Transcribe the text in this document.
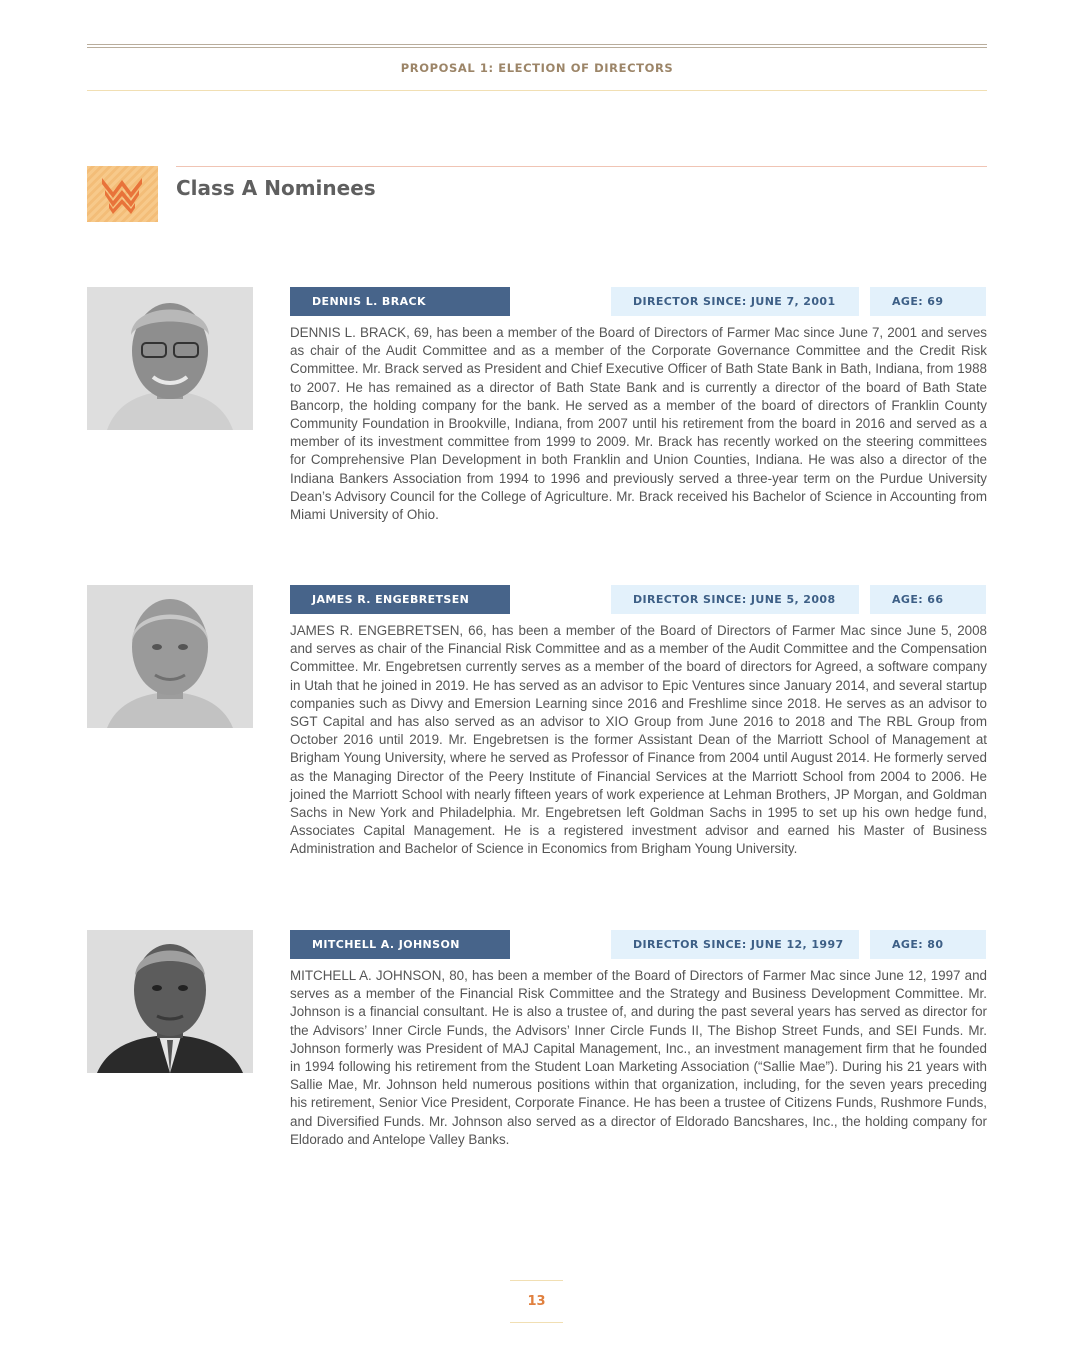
PROPOSAL 1: ELECTION OF DIRECTORS
Class A Nominees
DENNIS L. BRACK	DIRECTOR SINCE: JUNE 7, 2001	AGE: 69

DENNIS L. BRACK, 69, has been a member of the Board of Directors of Farmer Mac since June 7, 2001 and serves as chair of the Audit Committee and as a member of the Corporate Governance Committee and the Credit Risk Committee. Mr. Brack served as President and Chief Executive Officer of Bath State Bank in Bath, Indiana, from 1988 to 2007. He has remained as a director of Bath State Bank and is currently a director of the board of Bath State Bancorp, the holding company for the bank. He served as a member of the board of directors of Franklin County Community Foundation in Brookville, Indiana, from 2007 until his retirement from the board in 2016 and served as a member of its investment committee from 1999 to 2009. Mr. Brack has recently worked on the steering committees for Comprehensive Plan Development in both Franklin and Union Counties, Indiana. He was also a director of the Indiana Bankers Association from 1994 to 1996 and previously served a three-year term on the Purdue University Dean’s Advisory Council for the College of Agriculture. Mr. Brack received his Bachelor of Science in Accounting from Miami University of Ohio.

JAMES R. ENGEBRETSEN	DIRECTOR SINCE: JUNE 5, 2008	AGE: 66

JAMES R. ENGEBRETSEN, 66, has been a member of the Board of Directors of Farmer Mac since June 5, 2008 and serves as chair of the Financial Risk Committee and as a member of the Audit Committee and the Compensation Committee. Mr. Engebretsen currently serves as a member of the board of directors for Agreed, a software company in Utah that he joined in 2019. He has served as an advisor to Epic Ventures since January 2014, and several startup companies such as Divvy and Emersion Learning since 2016 and Freshlime since 2018. He serves as an advisor to SGT Capital and has also served as an advisor to XIO Group from June 2016 to 2018 and The RBL Group from October 2016 until 2019. Mr. Engebretsen is the former Assistant Dean of the Marriott School of Management at Brigham Young University, where he served as Professor of Finance from 2004 until August 2014. He formerly served as the Managing Director of the Peery Institute of Financial Services at the Marriott School from 2004 to 2006. He joined the Marriott School with nearly fifteen years of work experience at Lehman Brothers, JP Morgan, and Goldman Sachs in New York and Philadelphia. Mr. Engebretsen left Goldman Sachs in 1995 to set up his own hedge fund, Associates Capital Management. He is a registered investment advisor and earned his Master of Business Administration and Bachelor of Science in Economics from Brigham Young University.

MITCHELL A. JOHNSON	DIRECTOR SINCE: JUNE 12, 1997	AGE: 80

MITCHELL A. JOHNSON, 80, has been a member of the Board of Directors of Farmer Mac since June 12, 1997 and serves as a member of the Financial Risk Committee and the Strategy and Business Development Committee. Mr. Johnson is a financial consultant. He is also a trustee of, and during the past several years has served as director for the Advisors’ Inner Circle Funds, the Advisors’ Inner Circle Funds II, The Bishop Street Funds, and SEI Funds. Mr. Johnson formerly was President of MAJ Capital Management, Inc., an investment management firm that he founded in 1994 following his retirement from the Student Loan Marketing Association (“Sallie Mae”). During his 21 years with Sallie Mae, Mr. Johnson held numerous positions within that organization, including, for the seven years preceding his retirement, Senior Vice President, Corporate Finance. He has been a trustee of Citizens Funds, Rushmore Funds, and Diversified Funds. Mr. Johnson also served as a director of Eldorado Bancshares, Inc., the holding company for Eldorado and Antelope Valley Banks.

13
